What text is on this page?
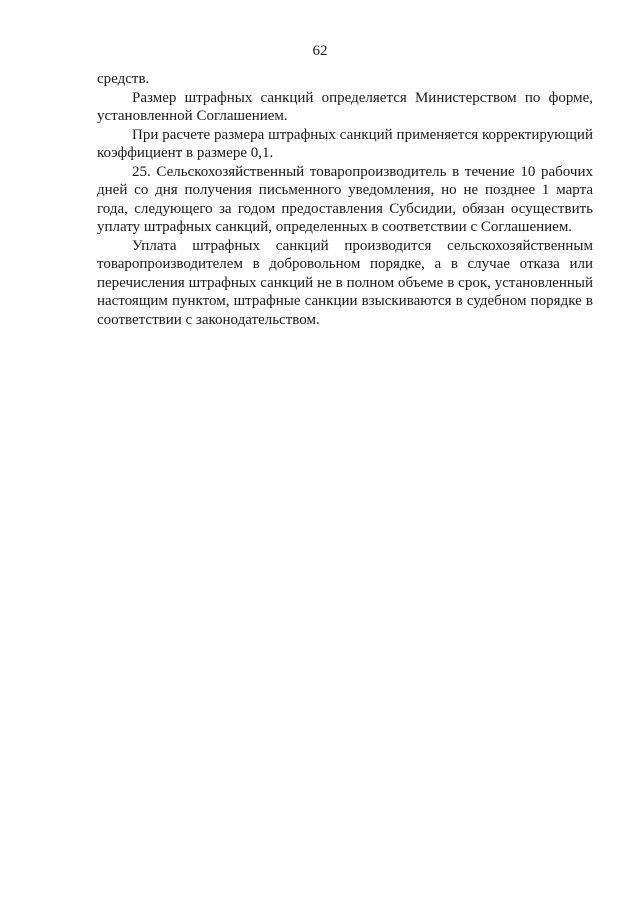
62

средств.

Размер штрафных санкций определяется Министерством по форме, установленной Соглашением.

При расчете размера штрафных санкций применяется корректирующий коэффициент в размере 0,1.

25. Сельскохозяйственный товаропроизводитель в течение 10 рабочих дней со дня получения письменного уведомления, но не позднее 1 марта года, следующего за годом предоставления Субсидии, обязан осуществить уплату штрафных санкций, определенных в соответствии с Соглашением.

Уплата штрафных санкций производится сельскохозяйственным товаропроизводителем в добровольном порядке, а в случае отказа или перечисления штрафных санкций не в полном объеме в срок, установленный настоящим пунктом, штрафные санкции взыскиваются в судебном порядке в соответствии с законодательством.
